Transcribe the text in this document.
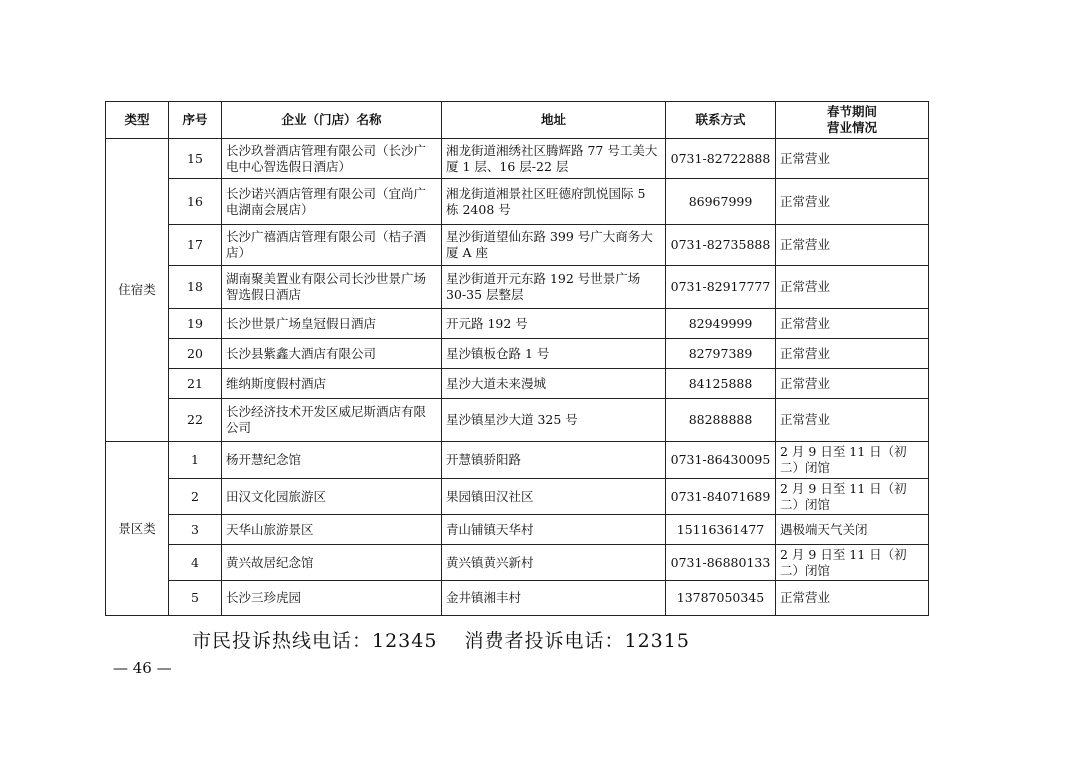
类型	序号	企业（门店）名称	地址	联系方式	春节期间
营业情况

住宿类	15	长沙玖誉酒店管理有限公司（长沙广电中心智选假日酒店）	湘龙街道湘绣社区腾辉路 77 号工美大厦 1 层、16 层-22 层	0731-82722888	正常营业
	16	长沙诺兴酒店管理有限公司（宜尚广电湖南会展店）	湘龙街道湘景社区旺德府凯悦国际 5 栋 2408 号	86967999	正常营业
	17	长沙广禧酒店管理有限公司（桔子酒店）	星沙街道望仙东路 399 号广大商务大厦 A 座	0731-82735888	正常营业
	18	湖南聚美置业有限公司长沙世景广场智选假日酒店	星沙街道开元东路 192 号世景广场 30-35 层整层	0731-82917777	正常营业
	19	长沙世景广场皇冠假日酒店	开元路 192 号	82949999	正常营业
	20	长沙县紫鑫大酒店有限公司	星沙镇板仓路 1 号	82797389	正常营业
	21	维纳斯度假村酒店	星沙大道未来漫城	84125888	正常营业
	22	长沙经济技术开发区威尼斯酒店有限公司	星沙镇星沙大道 325 号	88288888	正常营业
景区类	1	杨开慧纪念馆	开慧镇骄阳路	0731-86430095	2 月 9 日至 11 日（初二）闭馆
	2	田汉文化园旅游区	果园镇田汉社区	0731-84071689	2 月 9 日至 11 日（初二）闭馆
	3	天华山旅游景区	青山铺镇天华村	15116361477	遇极端天气关闭
	4	黄兴故居纪念馆	黄兴镇黄兴新村	0731-86880133	2 月 9 日至 11 日（初二）闭馆
	5	长沙三珍虎园	金井镇湘丰村	13787050345	正常营业
市民投诉热线电话：12345　 消费者投诉电话：12315
— 46 —
